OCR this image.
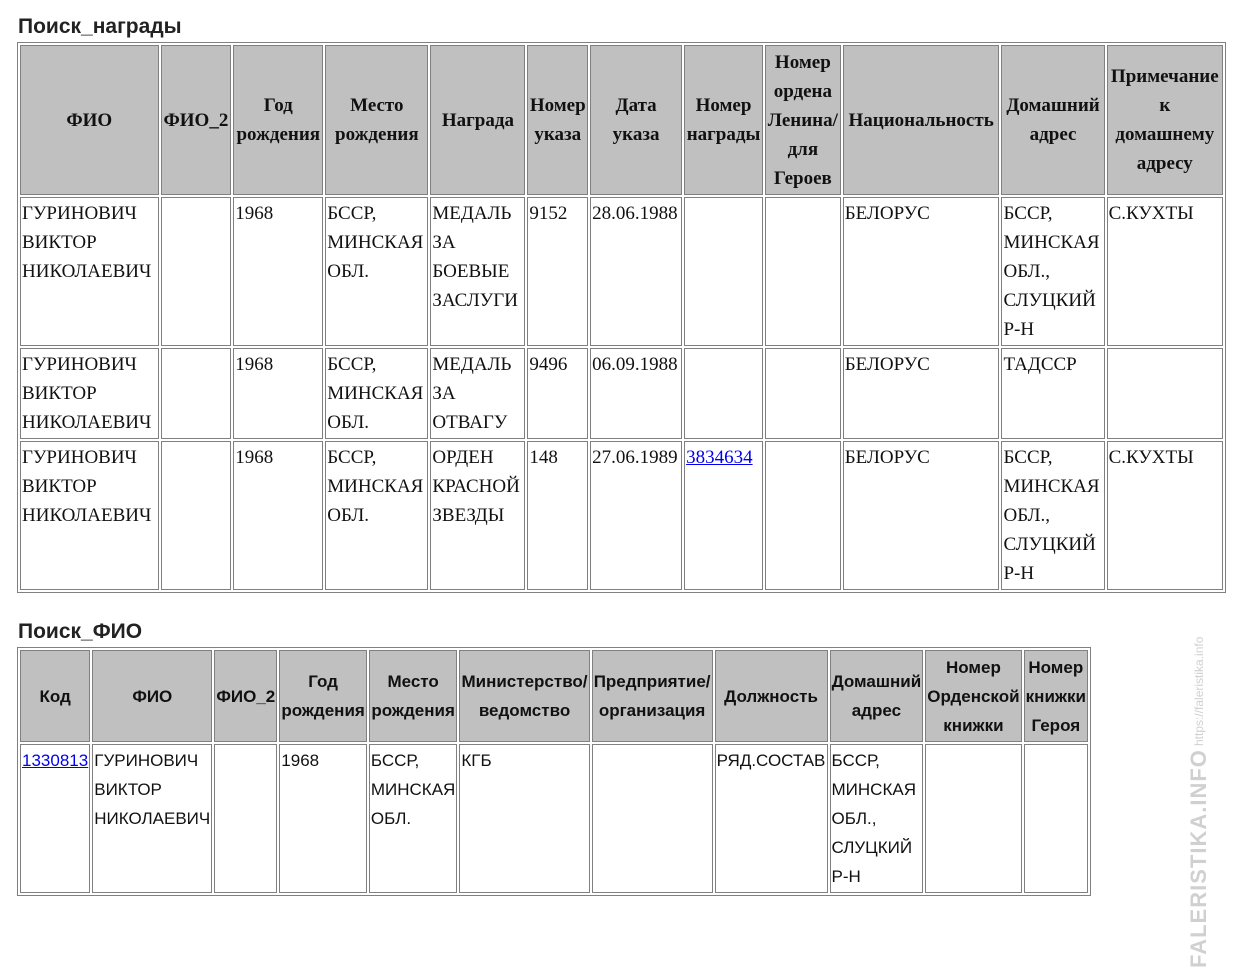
Поиск_награды
ФИО	ФИО_2	Год рождения	Место рождения	Награда	Номер указа	Дата указа	Номер награды	Номер ордена Ленина/ для Героев	Национальность	Домашний адрес	Примечание к домашнему адресу
ГУРИНОВИЧ ВИКТОР НИКОЛАЕВИЧ		1968	БССР, МИНСКАЯ ОБЛ.	МЕДАЛЬ ЗА БОЕВЫЕ ЗАСЛУГИ	9152	28.06.1988			БЕЛОРУС	БССР, МИНСКАЯ ОБЛ., СЛУЦКИЙ Р-Н	С.КУХТЫ
ГУРИНОВИЧ ВИКТОР НИКОЛАЕВИЧ		1968	БССР, МИНСКАЯ ОБЛ.	МЕДАЛЬ ЗА ОТВАГУ	9496	06.09.1988			БЕЛОРУС	ТАДССР	
ГУРИНОВИЧ ВИКТОР НИКОЛАЕВИЧ		1968	БССР, МИНСКАЯ ОБЛ.	ОРДЕН КРАСНОЙ ЗВЕЗДЫ	148	27.06.1989	3834634		БЕЛОРУС	БССР, МИНСКАЯ ОБЛ., СЛУЦКИЙ Р-Н	С.КУХТЫ
Поиск_ФИО
Код	ФИО	ФИО_2	Год рождения	Место рождения	Министерство/ ведомство	Предприятие/ организация	Должность	Домашний адрес	Номер Орденской книжки	Номер книжки Героя
1330813	ГУРИНОВИЧ ВИКТОР НИКОЛАЕВИЧ		1968	БССР, МИНСКАЯ ОБЛ.	КГБ		РЯД.СОСТАВ	БССР, МИНСКАЯ ОБЛ., СЛУЦКИЙ Р-Н			FALERISTIKA.INFO
https://faleristika.info
